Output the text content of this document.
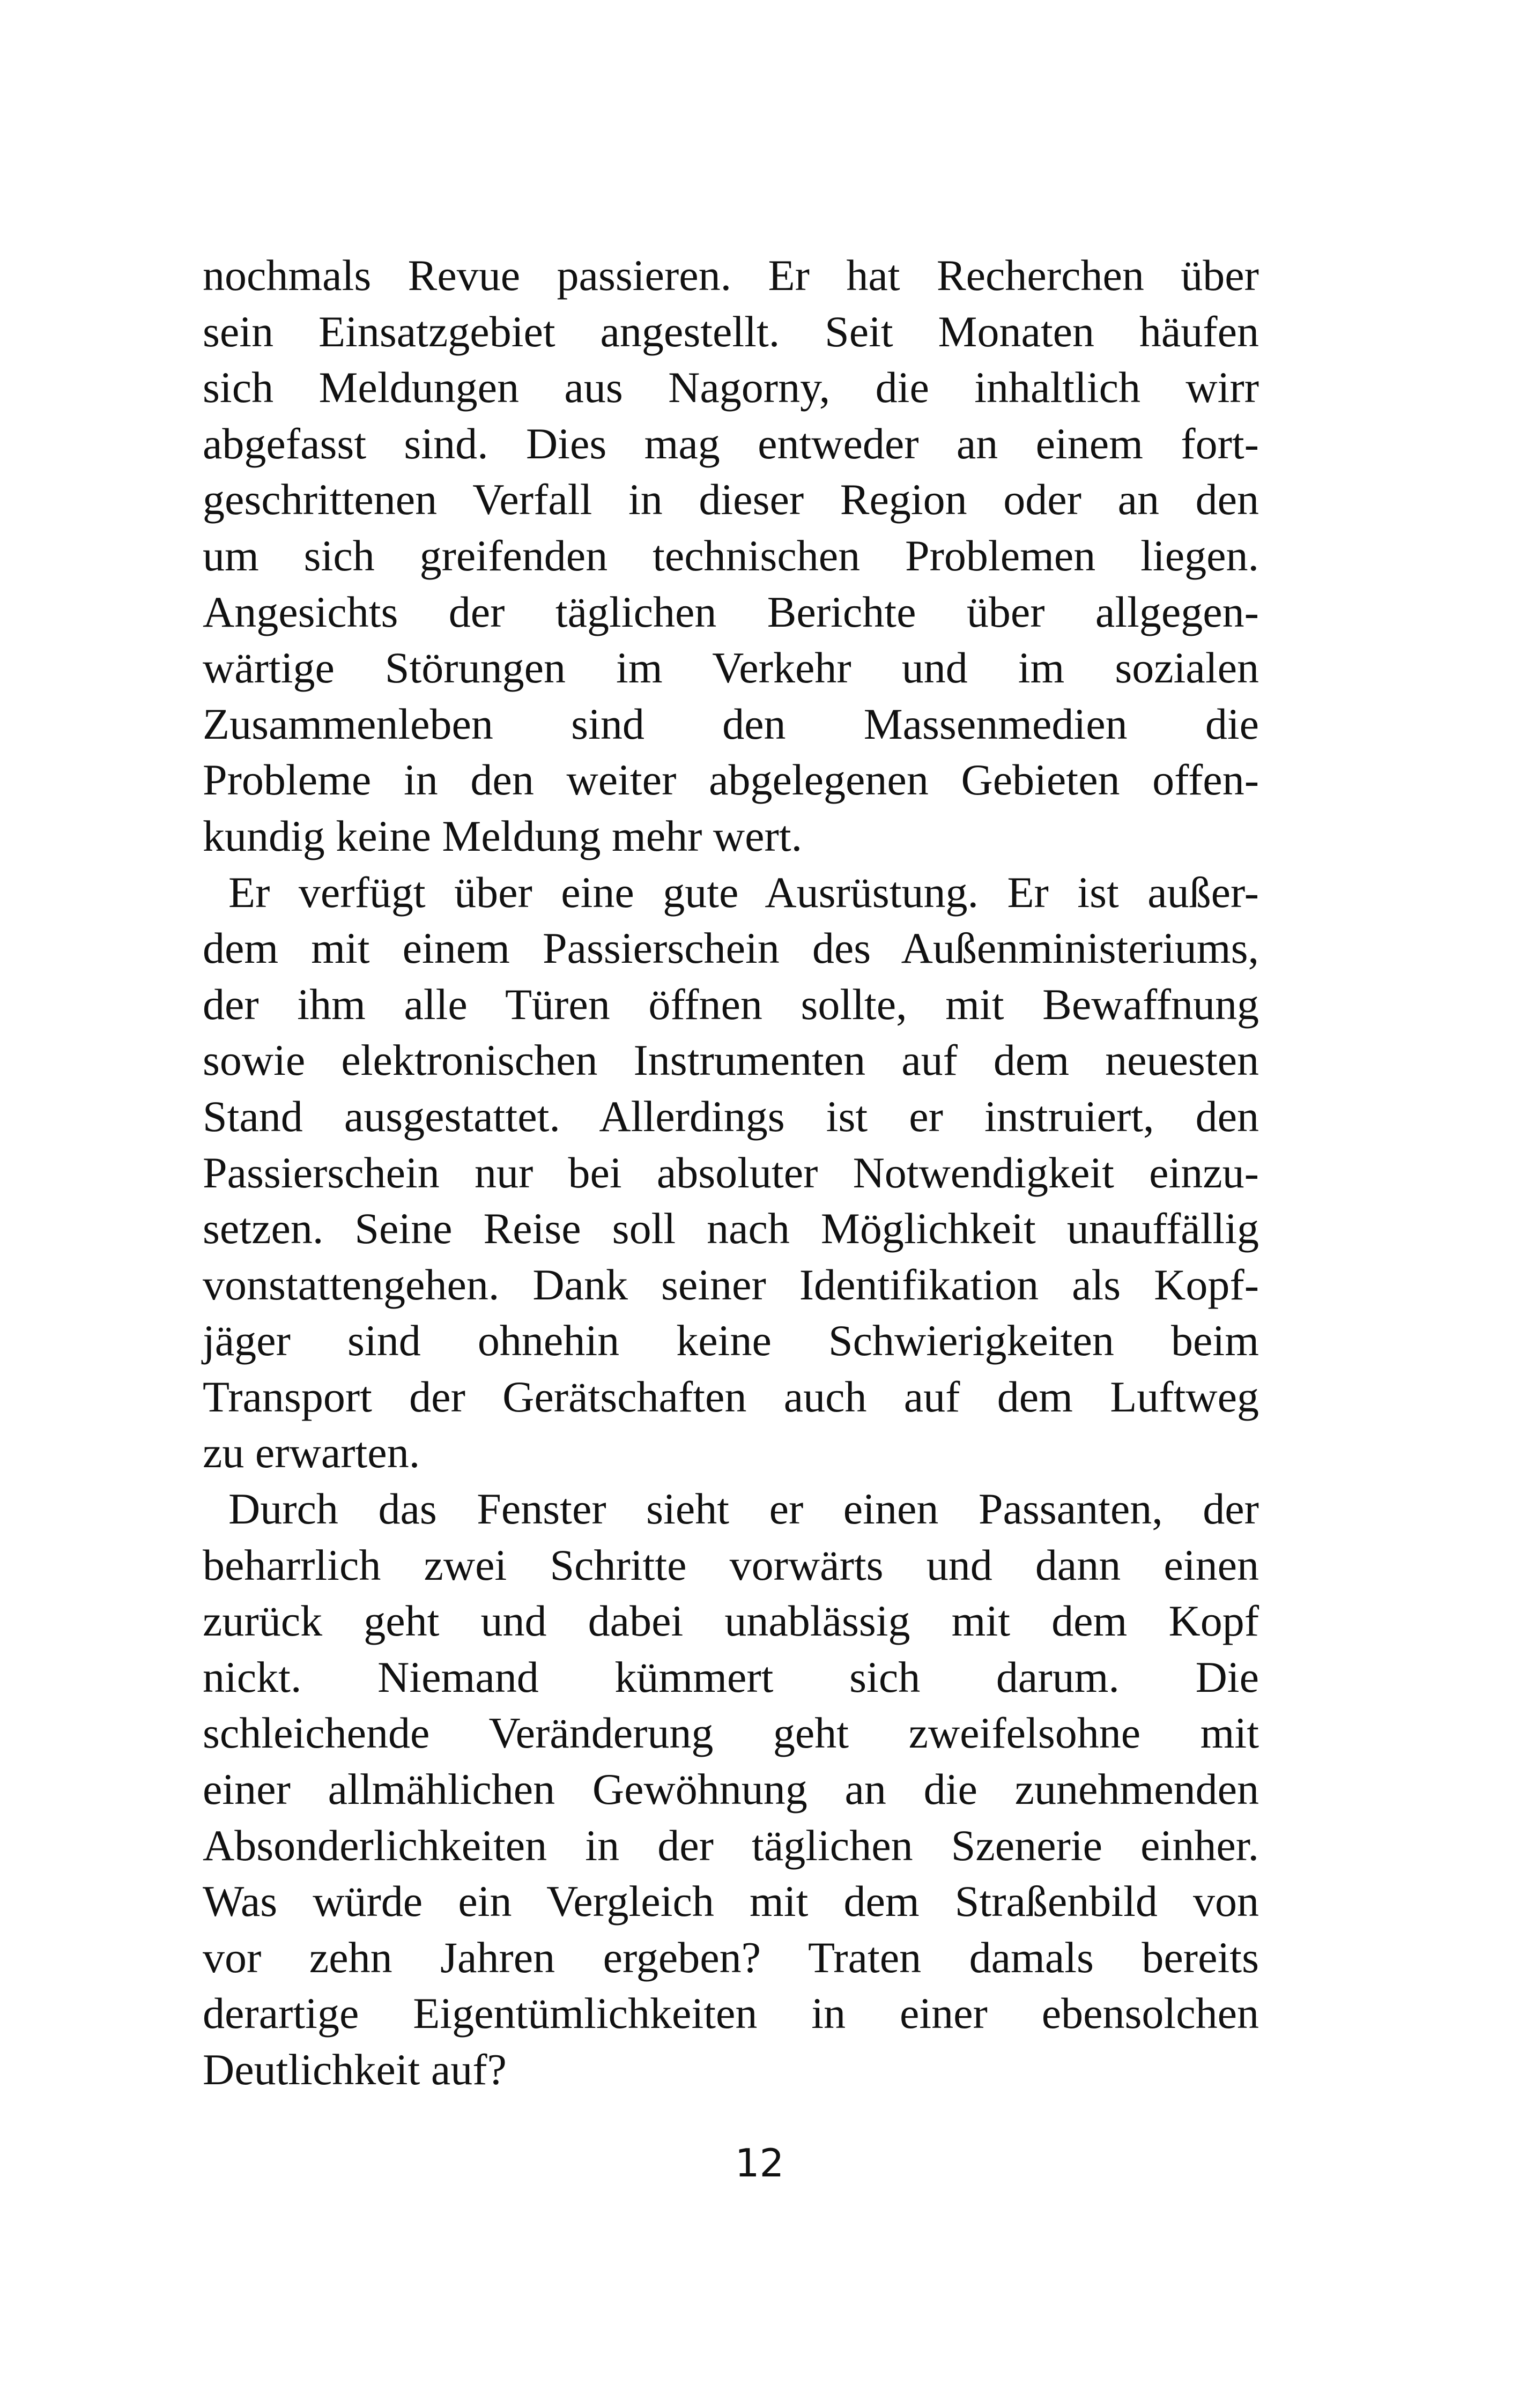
nochmals Revue passieren. Er hat Recherchen über
sein Einsatzgebiet angestellt. Seit Monaten häufen
sich Meldungen aus Nagorny, die inhaltlich wirr
abgefasst sind. Dies mag entweder an einem fort-
geschrittenen Verfall in dieser Region oder an den
um sich greifenden technischen Problemen liegen.
Angesichts der täglichen Berichte über allgegen-
wärtige Störungen im Verkehr und im sozialen
Zusammenleben sind den Massenmedien die
Probleme in den weiter abgelegenen Gebieten offen-
kundig keine Meldung mehr wert.
Er verfügt über eine gute Ausrüstung. Er ist außer-
dem mit einem Passierschein des Außenministeriums,
der ihm alle Türen öffnen sollte, mit Bewaffnung
sowie elektronischen Instrumenten auf dem neuesten
Stand ausgestattet. Allerdings ist er instruiert, den
Passierschein nur bei absoluter Notwendigkeit einzu-
setzen. Seine Reise soll nach Möglichkeit unauffällig
vonstattengehen. Dank seiner Identifikation als Kopf-
jäger sind ohnehin keine Schwierigkeiten beim
Transport der Gerätschaften auch auf dem Luftweg
zu erwarten.
Durch das Fenster sieht er einen Passanten, der
beharrlich zwei Schritte vorwärts und dann einen
zurück geht und dabei unablässig mit dem Kopf
nickt. Niemand kümmert sich darum. Die
schleichende Veränderung geht zweifelsohne mit
einer allmählichen Gewöhnung an die zunehmenden
Absonderlichkeiten in der täglichen Szenerie einher.
Was würde ein Vergleich mit dem Straßenbild von
vor zehn Jahren ergeben? Traten damals bereits
derartige Eigentümlichkeiten in einer ebensolchen
Deutlichkeit auf?
12
